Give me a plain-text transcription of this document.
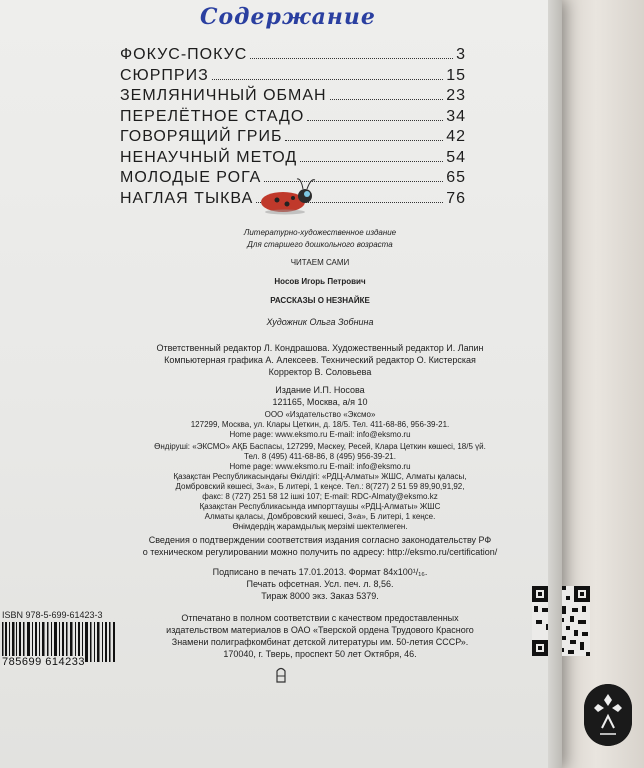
Содержание
ФОКУС-ПОКУС	3
СЮРПРИЗ	15
ЗЕМЛЯНИЧНЫЙ ОБМАН	23
ПЕРЕЛЁТНОЕ СТАДО	34
ГОВОРЯЩИЙ ГРИБ	42
НЕНАУЧНЫЙ МЕТОД	54
МОЛОДЫЕ РОГА	65
НАГЛАЯ ТЫКВА	76
Литературно-художественное издание
Для старшего дошкольного возраста
ЧИТАЕМ САМИ
Носов Игорь Петрович
РАССКАЗЫ О НЕЗНАЙКЕ
Художник Ольга Зобнина
Ответственный редактор Л. Кондрашова. Художественный редактор И. Лапин
Компьютерная графика А. Алексеев. Технический редактор О. Кистерская
Корректор В. Соловьева
Издание И.П. Носова
121165, Москва, а/я 10
ООО «Издательство «Эксмо»
127299, Москва, ул. Клары Цеткин, д. 18/5. Тел. 411-68-86, 956-39-21.
Home page: www.eksmo.ru E-mail: info@eksmo.ru
Өндіруші: «ЭКСМО» АҚБ Баспасы, 127299, Мәскеу, Ресей, Клара Цеткин көшесі, 18/5 үй.
Тел. 8 (495) 411-68-86, 8 (495) 956-39-21.
Home page: www.eksmo.ru E-mail: info@eksmo.ru
Қазақстан Республикасындағы Өкілдігі: «РДЦ-Алматы» ЖШС, Алматы қаласы,
Домбровский көшесі, 3«а», Б литері, 1 кеңсе. Тел.: 8(727) 2 51 59 89,90,91,92,
факс: 8 (727) 251 58 12 ішкі 107; E-mail: RDC-Almaty@eksmo.kz
Қазақстан Республикасында импорттаушы «РДЦ-Алматы» ЖШС
Алматы қаласы, Домбровский көшесі, 3«а», Б литері, 1 кеңсе.
Өнімдердің жарамдылық мерзімі шектелмеген.
Сведения о подтверждении соответствия издания согласно законодательству РФ
о техническом регулировании можно получить по адресу: http://eksmo.ru/certification/
Подписано в печать 17.01.2013. Формат 84x100¹/₁₆.
Печать офсетная. Усл. печ. л. 8,56.
Тираж 8000 экз. Заказ 5379.
Отпечатано в полном соответствии с качеством предоставленных
издательством материалов в ОАО «Тверской ордена Трудового Красного
Знамени полиграфкомбинат детской литературы им. 50-летия СССР».
170040, г. Тверь, проспект 50 лет Октября, 46.
ISBN 978-5-699-61423-3
785699 614233
